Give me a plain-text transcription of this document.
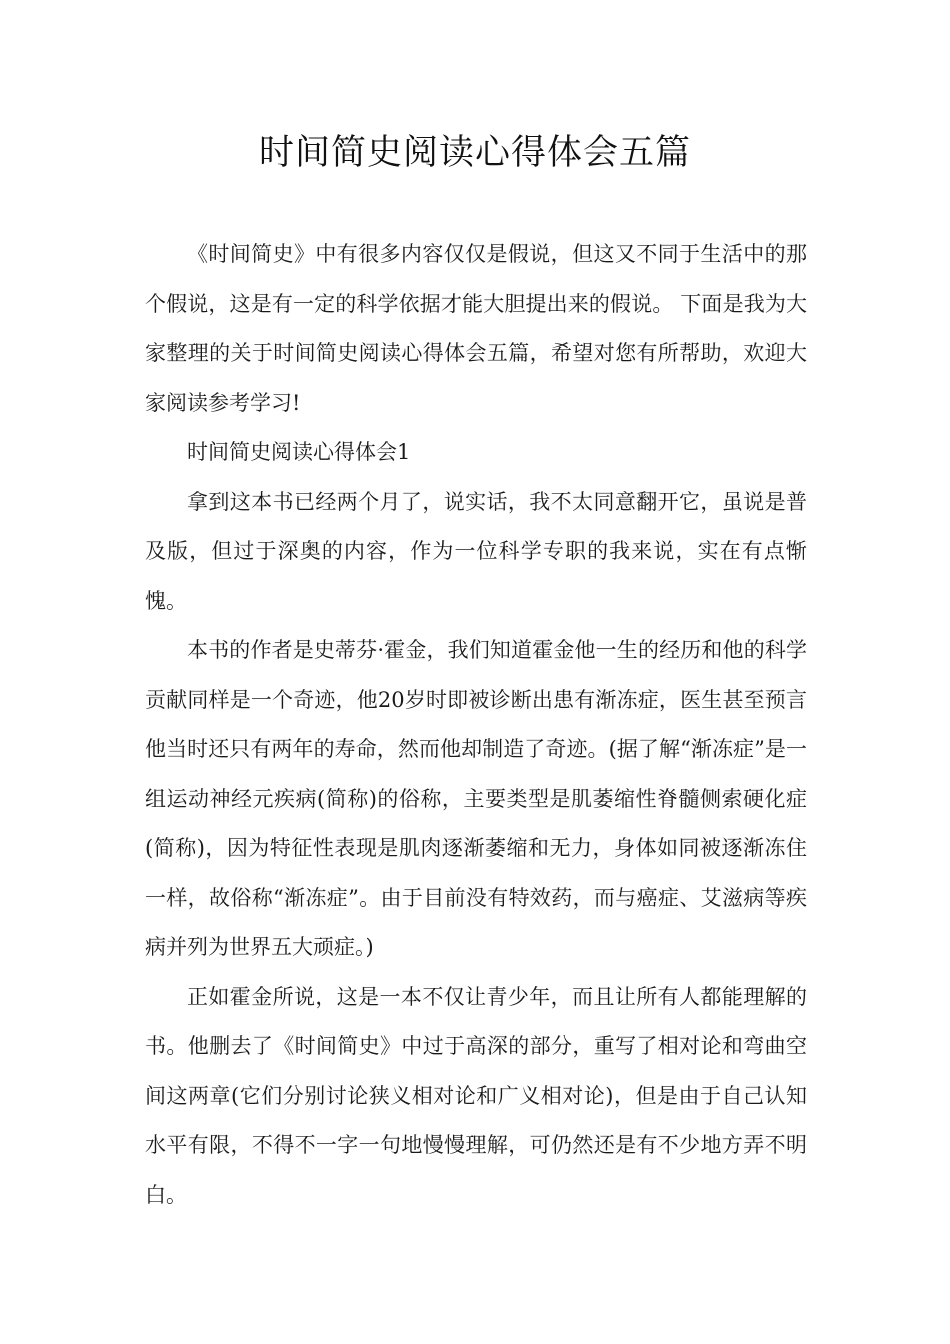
时间简史阅读心得体会五篇

《时间简史》中有很多内容仅仅是假说，但这又不同于生活中的那个假说，这是有一定的科学依据才能大胆提出来的假说。 下面是我为大家整理的关于时间简史阅读心得体会五篇，希望对您有所帮助，欢迎大家阅读参考学习!

时间简史阅读心得体会1

拿到这本书已经两个月了，说实话，我不太同意翻开它，虽说是普及版，但过于深奥的内容，作为一位科学专职的我来说，实在有点惭愧。

本书的作者是史蒂芬·霍金，我们知道霍金他一生的经历和他的科学贡献同样是一个奇迹，他20岁时即被诊断出患有渐冻症，医生甚至预言他当时还只有两年的寿命，然而他却制造了奇迹。(据了解“渐冻症”是一组运动神经元疾病(简称)的俗称，主要类型是肌萎缩性脊髓侧索硬化症(简称)，因为特征性表现是肌肉逐渐萎缩和无力，身体如同被逐渐冻住一样，故俗称“渐冻症”。由于目前没有特效药，而与癌症、艾滋病等疾病并列为世界五大顽症。)

正如霍金所说，这是一本不仅让青少年，而且让所有人都能理解的书。他删去了《时间简史》中过于高深的部分，重写了相对论和弯曲空间这两章(它们分别讨论狭义相对论和广义相对论)，但是由于自己认知水平有限，不得不一字一句地慢慢理解，可仍然还是有不少地方弄不明白。
